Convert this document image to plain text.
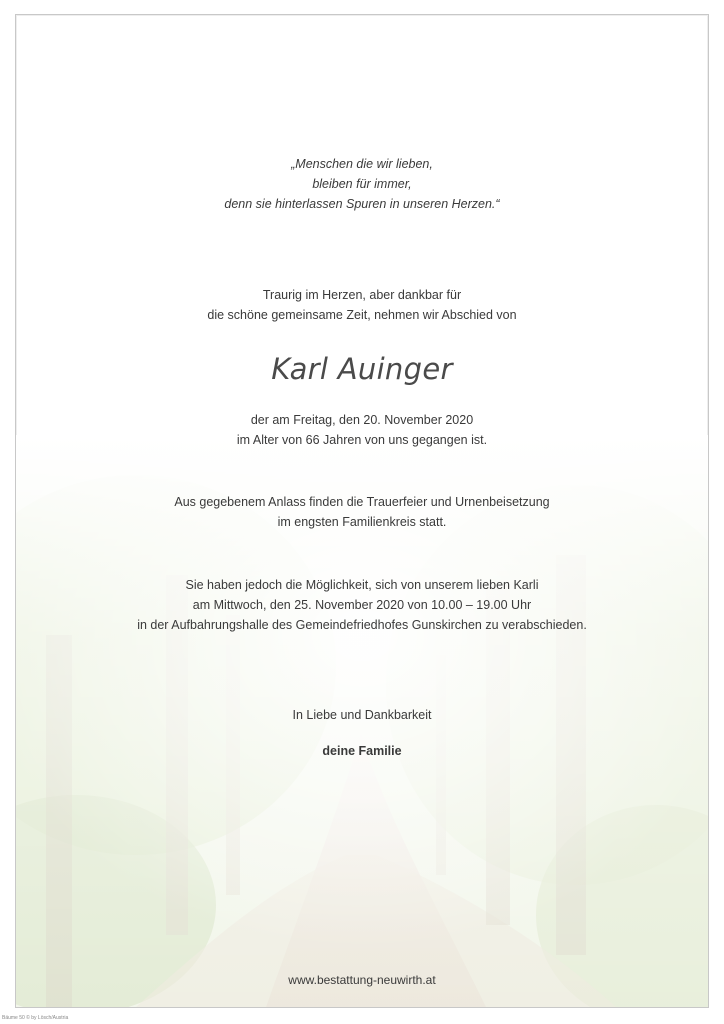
„Menschen die wir lieben,
bleiben für immer,
denn sie hinterlassen Spuren in unseren Herzen.“
Traurig im Herzen, aber dankbar für
die schöne gemeinsame Zeit, nehmen wir Abschied von
Karl Auinger
der am Freitag, den 20. November 2020
im Alter von 66 Jahren von uns gegangen ist.
Aus gegebenem Anlass finden die Trauerfeier und Urnenbeisetzung
im engsten Familienkreis statt.
Sie haben jedoch die Möglichkeit, sich von unserem lieben Karli
am Mittwoch, den 25. November 2020 von 10.00 – 19.00 Uhr
in der Aufbahrungshalle des Gemeindefriedhofes Gunskirchen zu verabschieden.
In Liebe und Dankbarkeit
deine Familie
www.bestattung-neuwirth.at
Bäume 50 © by Lösch/Austria
